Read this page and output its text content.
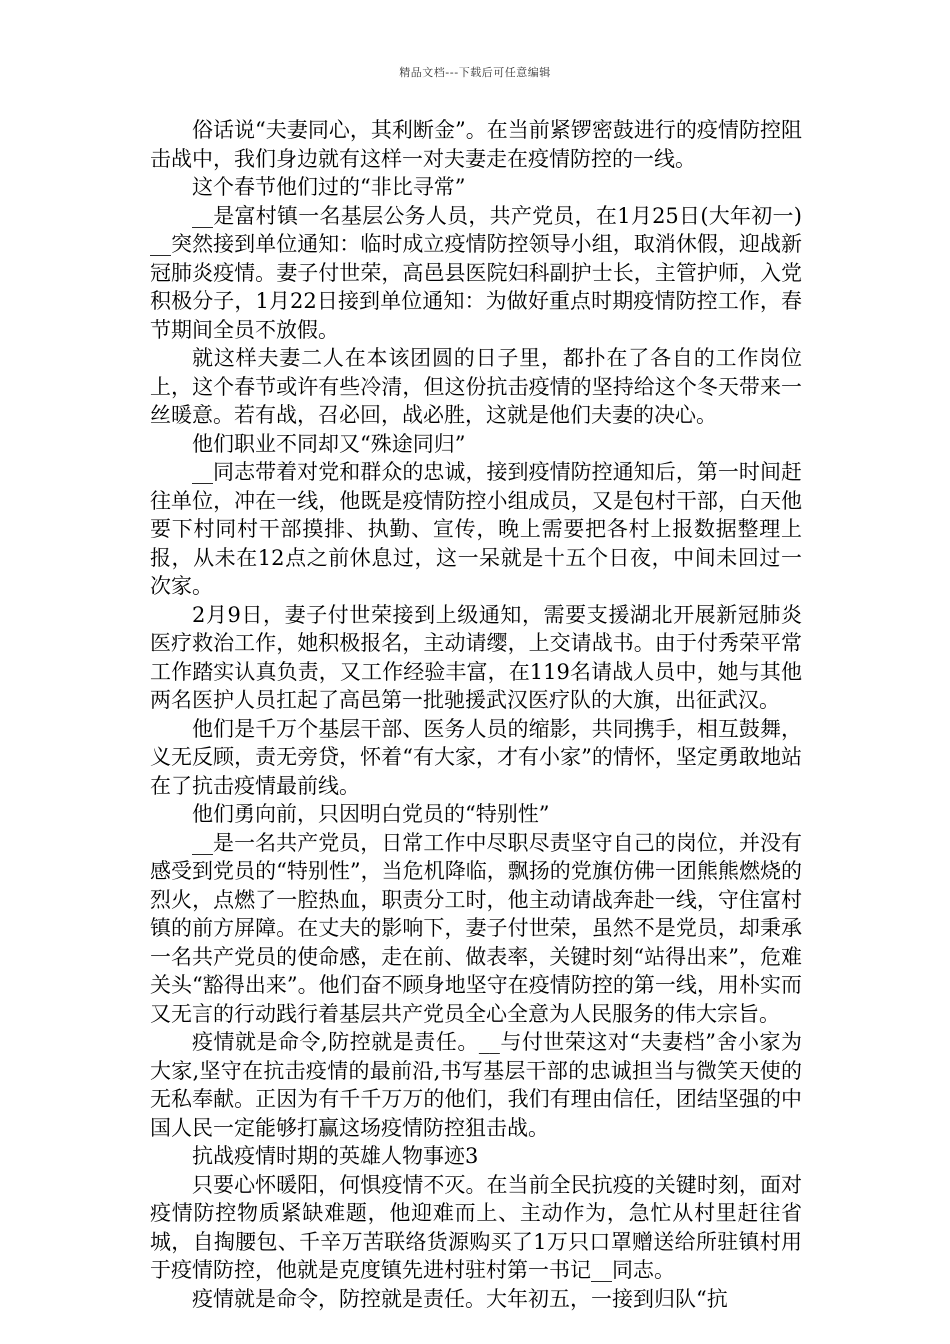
精品文档---下载后可任意编辑

俗话说“夫妻同心，其利断金”。在当前紧锣密鼓进行的疫情防控阻击战中，我们身边就有这样一对夫妻走在疫情防控的一线。

这个春节他们过的“非比寻常”

__是富村镇一名基层公务人员，共产党员，在1月25日(大年初一)__突然接到单位通知：临时成立疫情防控领导小组，取消休假，迎战新冠肺炎疫情。妻子付世荣，高邑县医院妇科副护士长，主管护师，入党积极分子，1月22日接到单位通知：为做好重点时期疫情防控工作，春节期间全员不放假。

就这样夫妻二人在本该团圆的日子里，都扑在了各自的工作岗位上，这个春节或许有些冷清，但这份抗击疫情的坚持给这个冬天带来一丝暖意。若有战，召必回，战必胜，这就是他们夫妻的决心。

他们职业不同却又“殊途同归”

__同志带着对党和群众的忠诚，接到疫情防控通知后，第一时间赶往单位，冲在一线，他既是疫情防控小组成员，又是包村干部，白天他要下村同村干部摸排、执勤、宣传，晚上需要把各村上报数据整理上报，从未在12点之前休息过，这一呆就是十五个日夜，中间未回过一次家。

2月9日，妻子付世荣接到上级通知，需要支援湖北开展新冠肺炎医疗救治工作，她积极报名，主动请缨，上交请战书。由于付秀荣平常工作踏实认真负责，又工作经验丰富，在119名请战人员中，她与其他两名医护人员扛起了高邑第一批驰援武汉医疗队的大旗，出征武汉。

他们是千万个基层干部、医务人员的缩影，共同携手，相互鼓舞，义无反顾，责无旁贷，怀着“有大家，才有小家”的情怀，坚定勇敢地站在了抗击疫情最前线。

他们勇向前，只因明白党员的“特别性”

__是一名共产党员，日常工作中尽职尽责坚守自己的岗位，并没有感受到党员的“特别性”，当危机降临，飘扬的党旗仿佛一团熊熊燃烧的烈火，点燃了一腔热血，职责分工时，他主动请战奔赴一线，守住富村镇的前方屏障。在丈夫的影响下，妻子付世荣，虽然不是党员，却秉承一名共产党员的使命感，走在前、做表率，关键时刻“站得出来”，危难关头“豁得出来”。他们奋不顾身地坚守在疫情防控的第一线，用朴实而又无言的行动践行着基层共产党员全心全意为人民服务的伟大宗旨。

疫情就是命令,防控就是责任。__与付世荣这对“夫妻档”舍小家为大家,坚守在抗击疫情的最前沿,书写基层干部的忠诚担当与微笑天使的无私奉献。正因为有千千万万的他们，我们有理由信任，团结坚强的中国人民一定能够打赢这场疫情防控狙击战。

抗战疫情时期的英雄人物事迹3

只要心怀暖阳，何惧疫情不灭。在当前全民抗疫的关键时刻，面对疫情防控物质紧缺难题，他迎难而上、主动作为，急忙从村里赶往省城，自掏腰包、千辛万苦联络货源购买了1万只口罩赠送给所驻镇村用于疫情防控，他就是克度镇先进村驻村第一书记__同志。

疫情就是命令，防控就是责任。大年初五，一接到归队“抗
